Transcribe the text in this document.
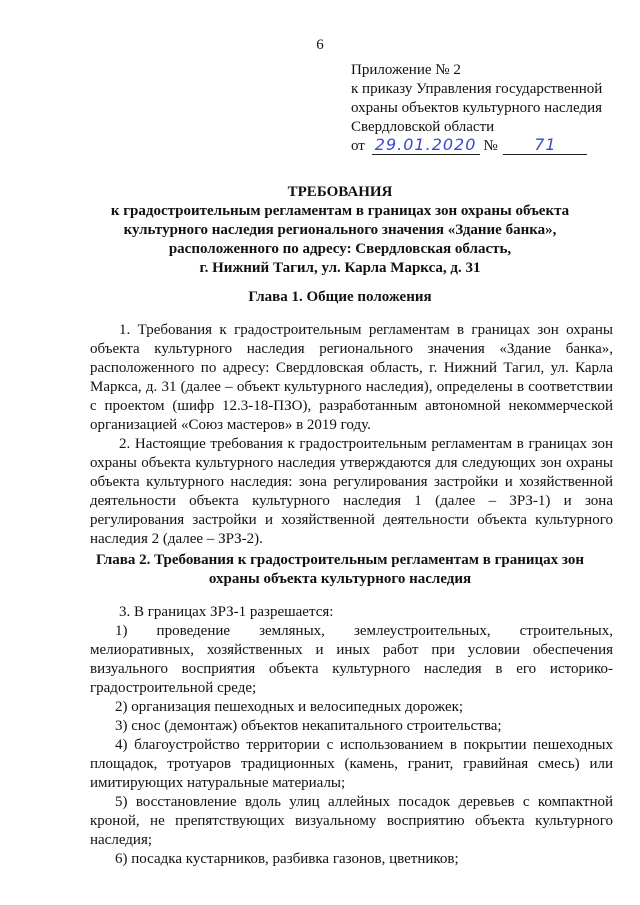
6
Приложение № 2
к приказу Управления государственной
охраны объектов культурного наследия
Свердловской области
от 29.01.2020 № 71
ТРЕБОВАНИЯ
к градостроительным регламентам в границах зон охраны объекта
культурного наследия регионального значения «Здание банка»,
расположенного по адресу: Свердловская область,
г. Нижний Тагил, ул. Карла Маркса, д. 31
Глава 1. Общие положения

1. Требования к градостроительным регламентам в границах зон охраны объекта культурного наследия регионального значения «Здание банка», расположенного по адресу: Свердловская область, г. Нижний Тагил, ул. Карла Маркса, д. 31 (далее – объект культурного наследия), определены в соответствии с проектом (шифр 12.3-18-ПЗО), разработанным автономной некоммерческой организацией «Союз мастеров» в 2019 году.

2. Настоящие требования к градостроительным регламентам в границах зон охраны объекта культурного наследия утверждаются для следующих зон охраны объекта культурного наследия: зона регулирования застройки и хозяйственной деятельности объекта культурного наследия 1 (далее – ЗРЗ-1) и зона регулирования застройки и хозяйственной деятельности объекта культурного наследия 2 (далее – ЗРЗ-2).

Глава 2. Требования к градостроительным регламентам в границах зон
охраны объекта культурного наследия

3. В границах ЗРЗ-1 разрешается:

1) проведение земляных, землеустроительных, строительных, мелиоративных, хозяйственных и иных работ при условии обеспечения визуального восприятия объекта культурного наследия в его историко-градостроительной среде;

2) организация пешеходных и велосипедных дорожек;

3) снос (демонтаж) объектов некапитального строительства;

4) благоустройство территории с использованием в покрытии пешеходных площадок, тротуаров традиционных (камень, гранит, гравийная смесь) или имитирующих натуральные материалы;

5) восстановление вдоль улиц аллейных посадок деревьев с компактной кроной, не препятствующих визуальному восприятию объекта культурного наследия;

6) посадка кустарников, разбивка газонов, цветников;
